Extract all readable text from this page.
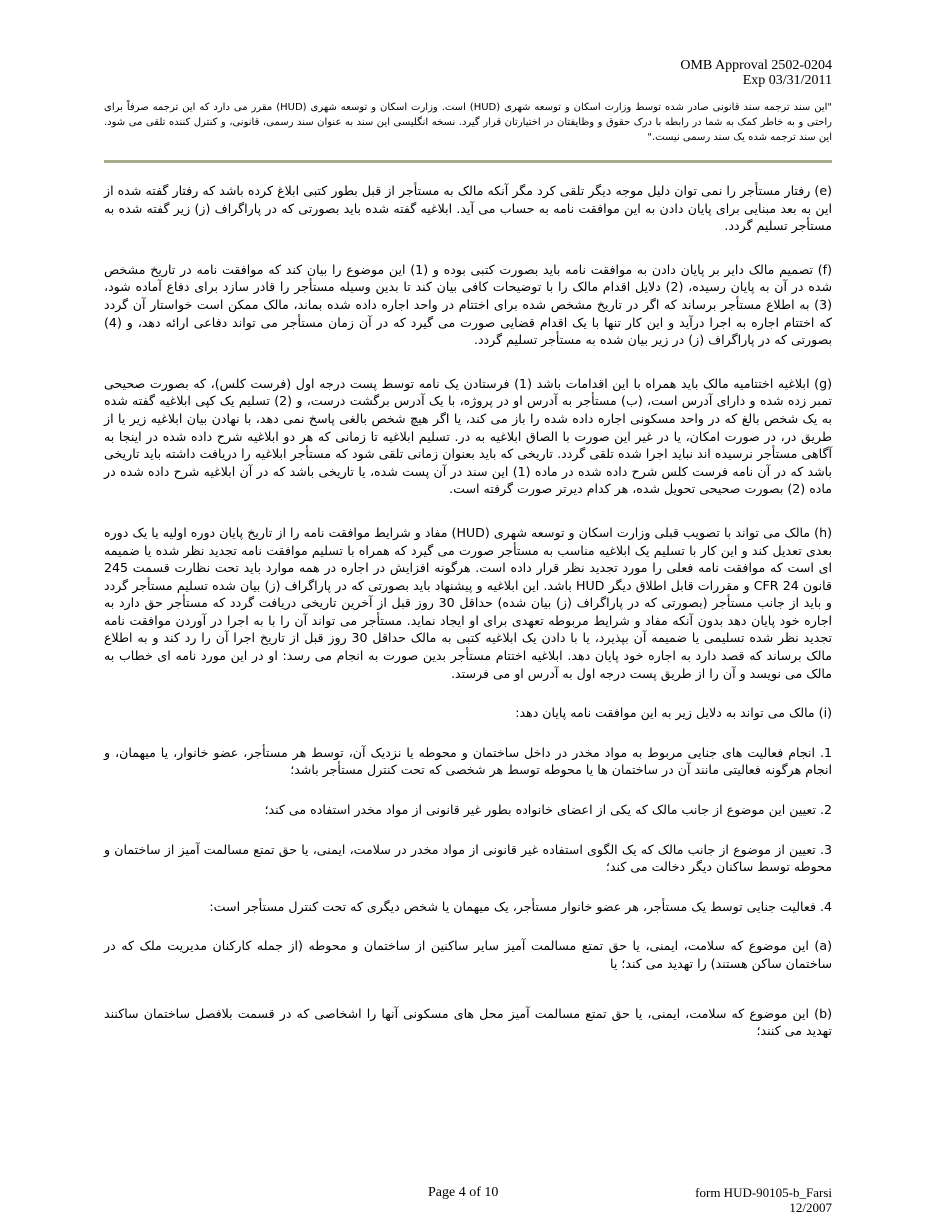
OMB Approval 2502-0204
Exp 03/31/2011
"این سند ترجمه سند قانونی صادر شده توسط وزارت اسکان و توسعه شهری (HUD) است. وزارت اسکان و توسعه شهری (HUD) مقرر می دارد که این ترجمه صرفاً برای راحتی و به خاطر کمک به شما در رابطه با درک حقوق و وظایفتان در اختیارتان قرار گیرد. نسخه انگلیسی این سند به عنوان سند رسمی، قانونی، و کنترل کننده تلقی می شود. این سند ترجمه شده یک سند رسمی نیست."

(e) رفتار مستأجر را نمی توان دلیل موجه دیگر تلقی کرد مگر آنکه مالک به مستأجر از قبل بطور کتبی ابلاغ کرده باشد که رفتار گفته شده از این به بعد مبنایی برای پایان دادن به این موافقت نامه به حساب می آید. ابلاغیه گفته شده باید بصورتی که در پاراگراف (ز) زیر گفته شده به مستأجر تسلیم گردد.

(f) تصمیم مالک دایر بر پایان دادن به موافقت نامه باید بصورت کتبی بوده و (1) این موضوع را بیان کند که موافقت نامه در تاریخ مشخص شده در آن به پایان رسیده، (2) دلایل اقدام مالک را با توضیحات کافی بیان کند تا بدین وسیله مستأجر را قادر سازد برای دفاع آماده شود، (3) به اطلاع مستأجر برساند که اگر در تاریخ مشخص شده برای اختتام در واحد اجاره داده شده بماند، مالک ممکن است خواستار آن گردد که اختتام اجاره به اجرا درآید و این کار تنها با یک اقدام قضایی صورت می گیرد که در آن زمان مستأجر می تواند دفاعی ارائه دهد، و (4) بصورتی که در پاراگراف (ز) در زیر بیان شده به مستأجر تسلیم گردد.

(g) ابلاغیه اختتامیه مالک باید همراه با این اقدامات باشد (1) فرستادن یک نامه توسط پست درجه اول (فرست کلس)، که بصورت صحیحی تمبر زده شده و دارای آدرس است، (ب) مستأجر به آدرس او در پروژه، با یک آدرس برگشت درست، و (2) تسلیم یک کپی ابلاغیه گفته شده به یک شخص بالغ که در واحد مسکونی اجاره داده شده را باز می کند، یا اگر هیچ شخص بالغی پاسخ نمی دهد، با نهادن بیان ابلاغیه زیر یا از طریق در، در صورت امکان، یا در غیر این صورت با الصاق ابلاغیه به در. تسلیم ابلاغیه تا زمانی که هر دو ابلاغیه شرح داده شده در اینجا به آگاهی مستأجر نرسیده اند نباید اجرا شده تلقی گردد. تاریخی که باید بعنوان زمانی تلقی شود که مستأجر ابلاغیه را دریافت داشته باید تاریخی باشد که در آن نامه فرست کلس شرح داده شده در ماده (1) این سند در آن پست شده، یا تاریخی باشد که در آن ابلاغیه شرح داده شده در ماده (2) بصورت صحیحی تحویل شده، هر کدام دیرتر صورت گرفته است.

(h) مالک می تواند با تصویب قبلی وزارت اسکان و توسعه شهری (HUD) مفاد و شرایط موافقت نامه را از تاریخ پایان دوره اولیه یا یک دوره بعدی تعدیل کند و این کار با تسلیم یک ابلاغیه مناسب به مستأجر صورت می گیرد که همراه با تسلیم موافقت نامه تجدید نظر شده یا ضمیمه ای است که موافقت نامه فعلی را مورد تجدید نظر قرار داده است. هرگونه افزایش در اجاره در همه موارد باید تحت نظارت قسمت 245 قانون 24 CFR و مقررات قابل اطلاق دیگر HUD باشد. این ابلاغیه و پیشنهاد باید بصورتی که در پاراگراف (ز) بیان شده تسلیم مستأجر گردد و باید از جانب مستأجر (بصورتی که در پاراگراف (ز) بیان شده) حداقل 30 روز قبل از آخرین تاریخی دریافت گردد که مستأجر حق دارد به اجاره خود پایان دهد بدون آنکه مفاد و شرایط مربوطه تعهدی برای او ایجاد نماید. مستأجر می تواند آن را با به اجرا در آوردن موافقت نامه تجدید نظر شده تسلیمی یا ضمیمه آن بپذیرد، یا با دادن یک ابلاغیه کتبی به مالک حداقل 30 روز قبل از تاریخ اجرا آن را رد کند و به اطلاع مالک برساند که قصد دارد به اجاره خود پایان دهد. ابلاغیه اختتام مستأجر بدین صورت به انجام می رسد: او در این مورد نامه ای خطاب به مالک می نویسد و آن را از طریق پست درجه اول به آدرس او می فرستد.

(i) مالک می تواند به دلایل زیر به این موافقت نامه پایان دهد:

1. انجام فعالیت های جنایی مربوط به مواد مخدر در داخل ساختمان و محوطه یا نزدیک آن، توسط هر مستأجر، عضو خانوار، یا میهمان، و انجام هرگونه فعالیتی مانند آن در ساختمان ها یا محوطه توسط هر شخصی که تحت کنترل مستأجر باشد؛

2. تعیین این موضوع از جانب مالک که یکی از اعضای خانواده بطور غیر قانونی از مواد مخدر استفاده می کند؛

3. تعیین از موضوع از جانب مالک که یک الگوی استفاده غیر قانونی از مواد مخدر در سلامت، ایمنی، یا حق تمتع مسالمت آمیز از ساختمان و محوطه توسط ساکنان دیگر دخالت می کند؛

4. فعالیت جنایی توسط یک مستأجر، هر عضو خانوار مستأجر، یک میهمان یا شخص دیگری که تحت کنترل مستأجر است:

(a) این موضوع که سلامت، ایمنی، یا حق تمتع مسالمت آمیز سایر ساکنین از ساختمان و محوطه (از جمله کارکنان مدیریت ملک که در ساختمان ساکن هستند) را تهدید می کند؛ یا

(b) این موضوع که سلامت، ایمنی، یا حق تمتع مسالمت آمیز محل های مسکونی آنها را اشخاصی که در قسمت بلافصل ساختمان ساکنند تهدید می کنند؛

Page 4 of 10	form HUD-90105-b_Farsi
12/2007
